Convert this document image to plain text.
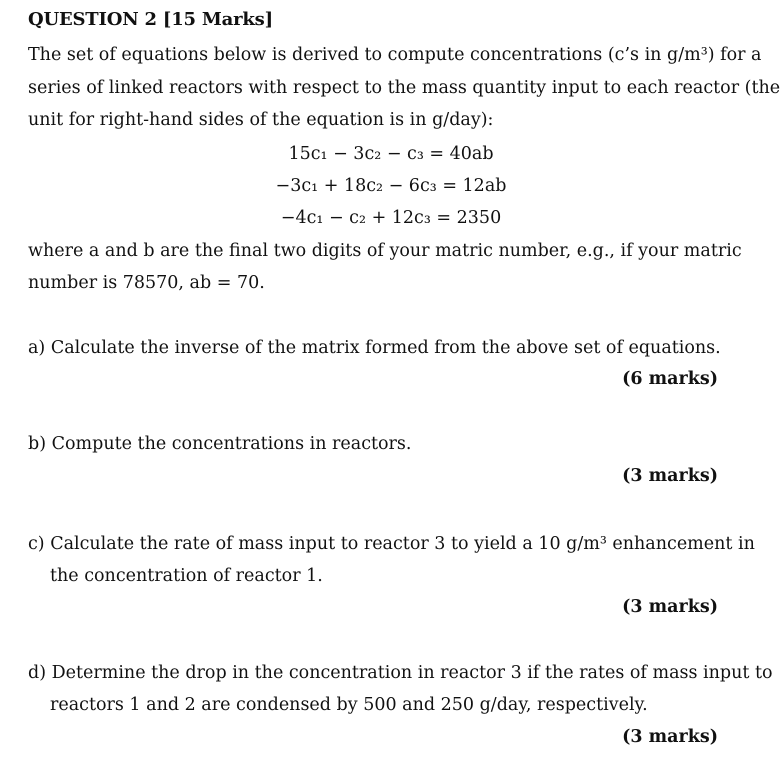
QUESTION 2 [15 Marks]
The set of equations below is derived to compute concentrations (c’s in g/m³) for a
series of linked reactors with respect to the mass quantity input to each reactor (the
unit for right-hand sides of the equation is in g/day):
15c₁ − 3c₂ − c₃ = 40ab
−3c₁ + 18c₂ − 6c₃ = 12ab
−4c₁ − c₂ + 12c₃ = 2350
where a and b are the final two digits of your matric number, e.g., if your matric
number is 78570, ab = 70.
a) Calculate the inverse of the matrix formed from the above set of equations.
(6 marks)
b) Compute the concentrations in reactors.
(3 marks)
c) Calculate the rate of mass input to reactor 3 to yield a 10 g/m³ enhancement in
the concentration of reactor 1.
(3 marks)
d) Determine the drop in the concentration in reactor 3 if the rates of mass input to
reactors 1 and 2 are condensed by 500 and 250 g/day, respectively.
(3 marks)
